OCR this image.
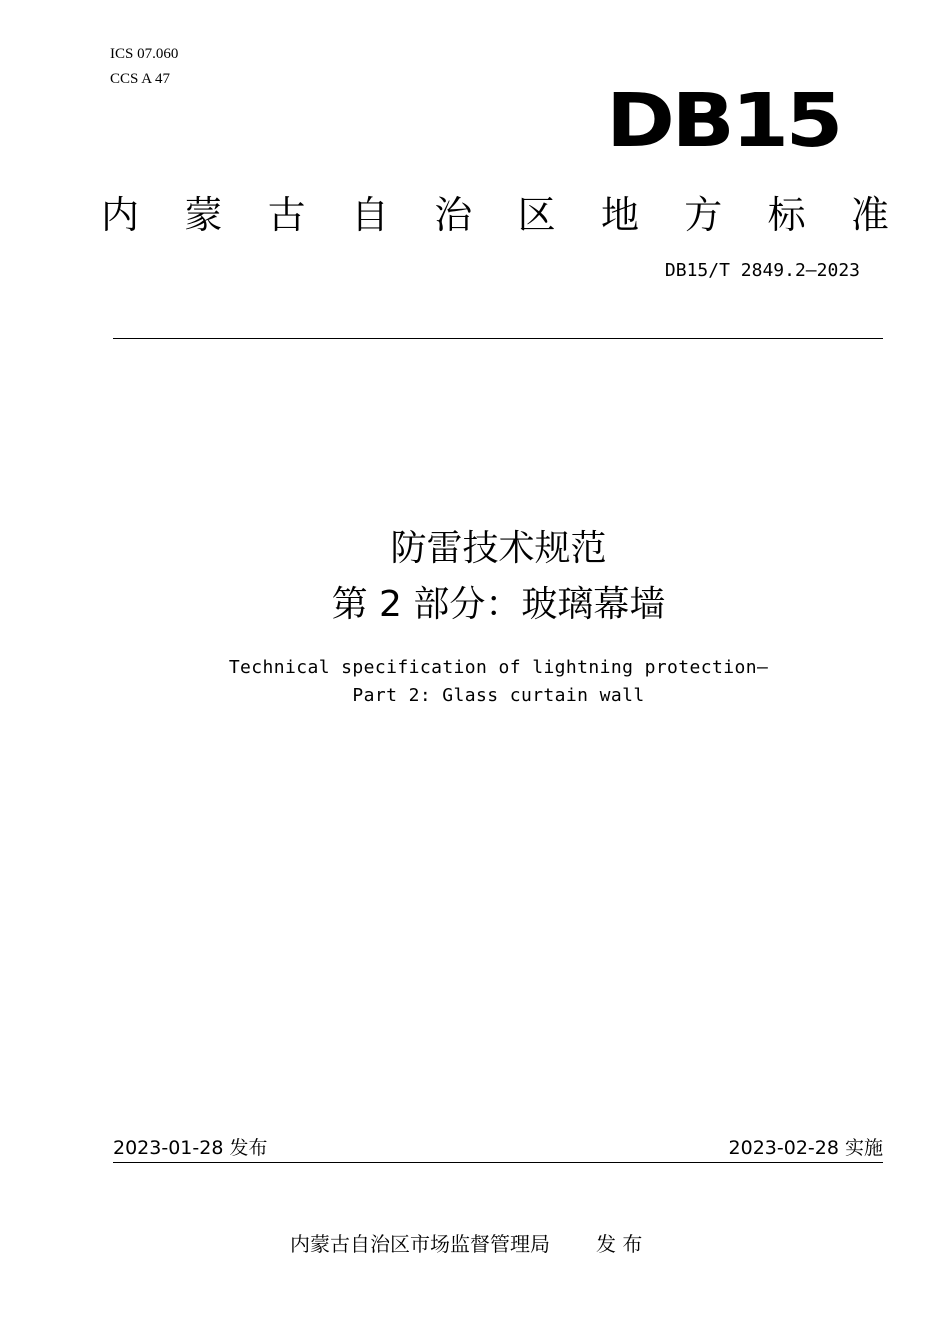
ICS 07.060
CCS A 47	DB15
内 蒙 古 自 治 区 地 方 标 准
DB15/T 2849.2—2023
防雷技术规范
第 2 部分：玻璃幕墙
Technical specification of lightning protection—
Part 2: Glass curtain wall
2023-01-28 发布	2023-02-28 实施
内蒙古自治区市场监督管理局 发 布
